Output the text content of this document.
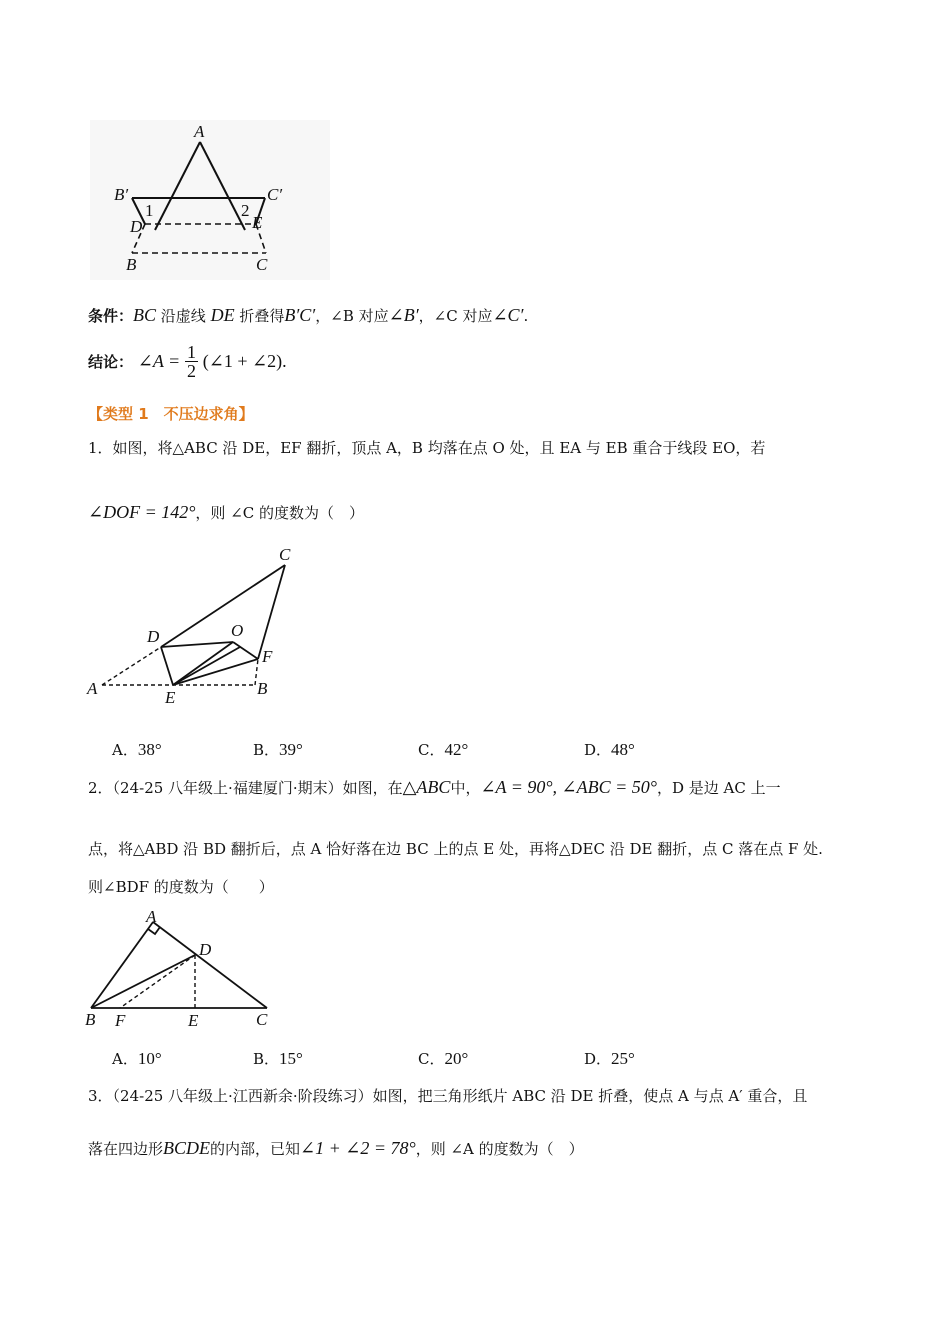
A
B′	C′
1	2
D	E
B	C
条件：BC 沿虚线 DE 折叠得B′C′，∠B 对应∠B′，∠C 对应∠C′.
结论： ∠A = $\frac{1}{2}$ (∠1 + ∠2).
【类型 1　不压边求角】
1．如图，将△ABC 沿 DE，EF 翻折，顶点 A，B 均落在点 O 处，且 EA 与 EB 重合于线段 EO，若
∠DOF = 142°，则 ∠C 的度数为（　）
C
D	O
F
A	B
E
A．38°	B．39°	C．42°	D．48°
2．（24-25 八年级上·福建厦门·期末）如图，在△ABC中，∠A = 90°, ∠ABC = 50°，D 是边 AC 上一
点，将△ABD 沿 BD 翻折后，点 A 恰好落在边 BC 上的点 E 处，再将△DEC 沿 DE 翻折，点 C 落在点 F 处.
则∠BDF 的度数为（　　）
A
D
B F	E	C
A．10°	B．15°	C．20°	D．25°
3．（24-25 八年级上·江西新余·阶段练习）如图，把三角形纸片 ABC 沿 DE 折叠，使点 A 与点 A′ 重合，且
落在四边形BCDE的内部，已知∠1 + ∠2 = 78°，则 ∠A 的度数为（　）
